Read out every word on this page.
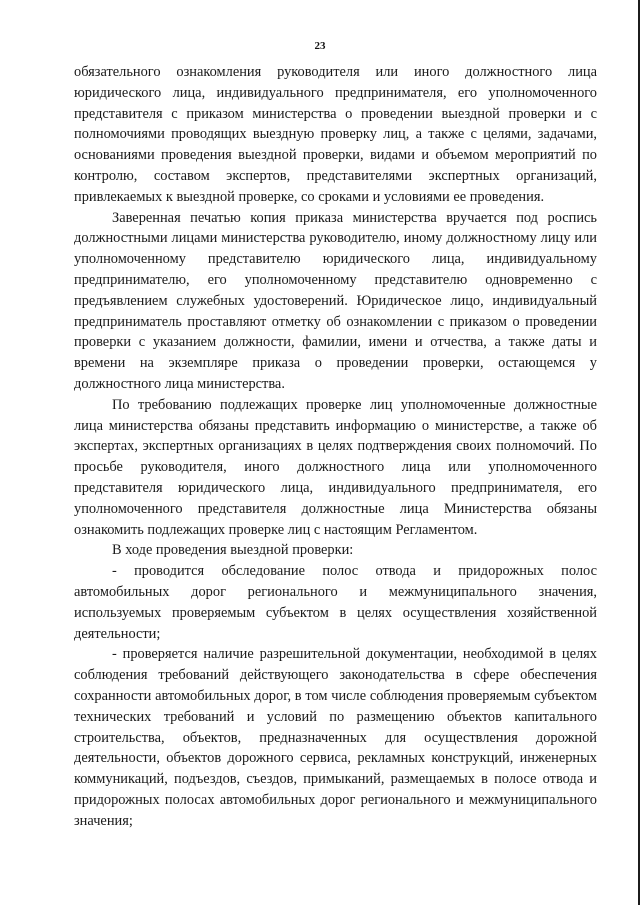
23

обязательного ознакомления руководителя или иного должностного лица юридического лица, индивидуального предпринимателя, его уполномоченного представителя с приказом министерства о проведении выездной проверки и с полномочиями проводящих выездную проверку лиц, а также с целями, задачами, основаниями проведения выездной проверки, видами и объемом мероприятий по контролю, составом экспертов, представителями экспертных организаций, привлекаемых к выездной проверке, со сроками и условиями ее проведения.

Заверенная печатью копия приказа министерства вручается под роспись должностными лицами министерства руководителю, иному должностному лицу или уполномоченному представителю юридического лица, индивидуальному предпринимателю, его уполномоченному представителю одновременно с предъявлением служебных удостоверений. Юридическое лицо, индивидуальный предприниматель проставляют отметку об ознакомлении с приказом о проведении проверки с указанием должности, фамилии, имени и отчества, а также даты и времени на экземпляре приказа о проведении проверки, остающемся у должностного лица министерства.

По требованию подлежащих проверке лиц уполномоченные должностные лица министерства обязаны представить информацию о министерстве, а также об экспертах, экспертных организациях в целях подтверждения своих полномочий. По просьбе руководителя, иного должностного лица или уполномоченного представителя юридического лица, индивидуального предпринимателя, его уполномоченного представителя должностные лица Министерства обязаны ознакомить подлежащих проверке лиц с настоящим Регламентом.

В ходе проведения выездной проверки:

- проводится обследование полос отвода и придорожных полос автомобильных дорог регионального и межмуниципального значения, используемых проверяемым субъектом в целях осуществления хозяйственной деятельности;

- проверяется наличие разрешительной документации, необходимой в целях соблюдения требований действующего законодательства в сфере обеспечения сохранности автомобильных дорог, в том числе соблюдения проверяемым субъектом технических требований и условий по размещению объектов капитального строительства, объектов, предназначенных для осуществления дорожной деятельности, объектов дорожного сервиса, рекламных конструкций, инженерных коммуникаций, подъездов, съездов, примыканий, размещаемых в полосе отвода и придорожных полосах автомобильных дорог регионального и межмуниципального значения;
